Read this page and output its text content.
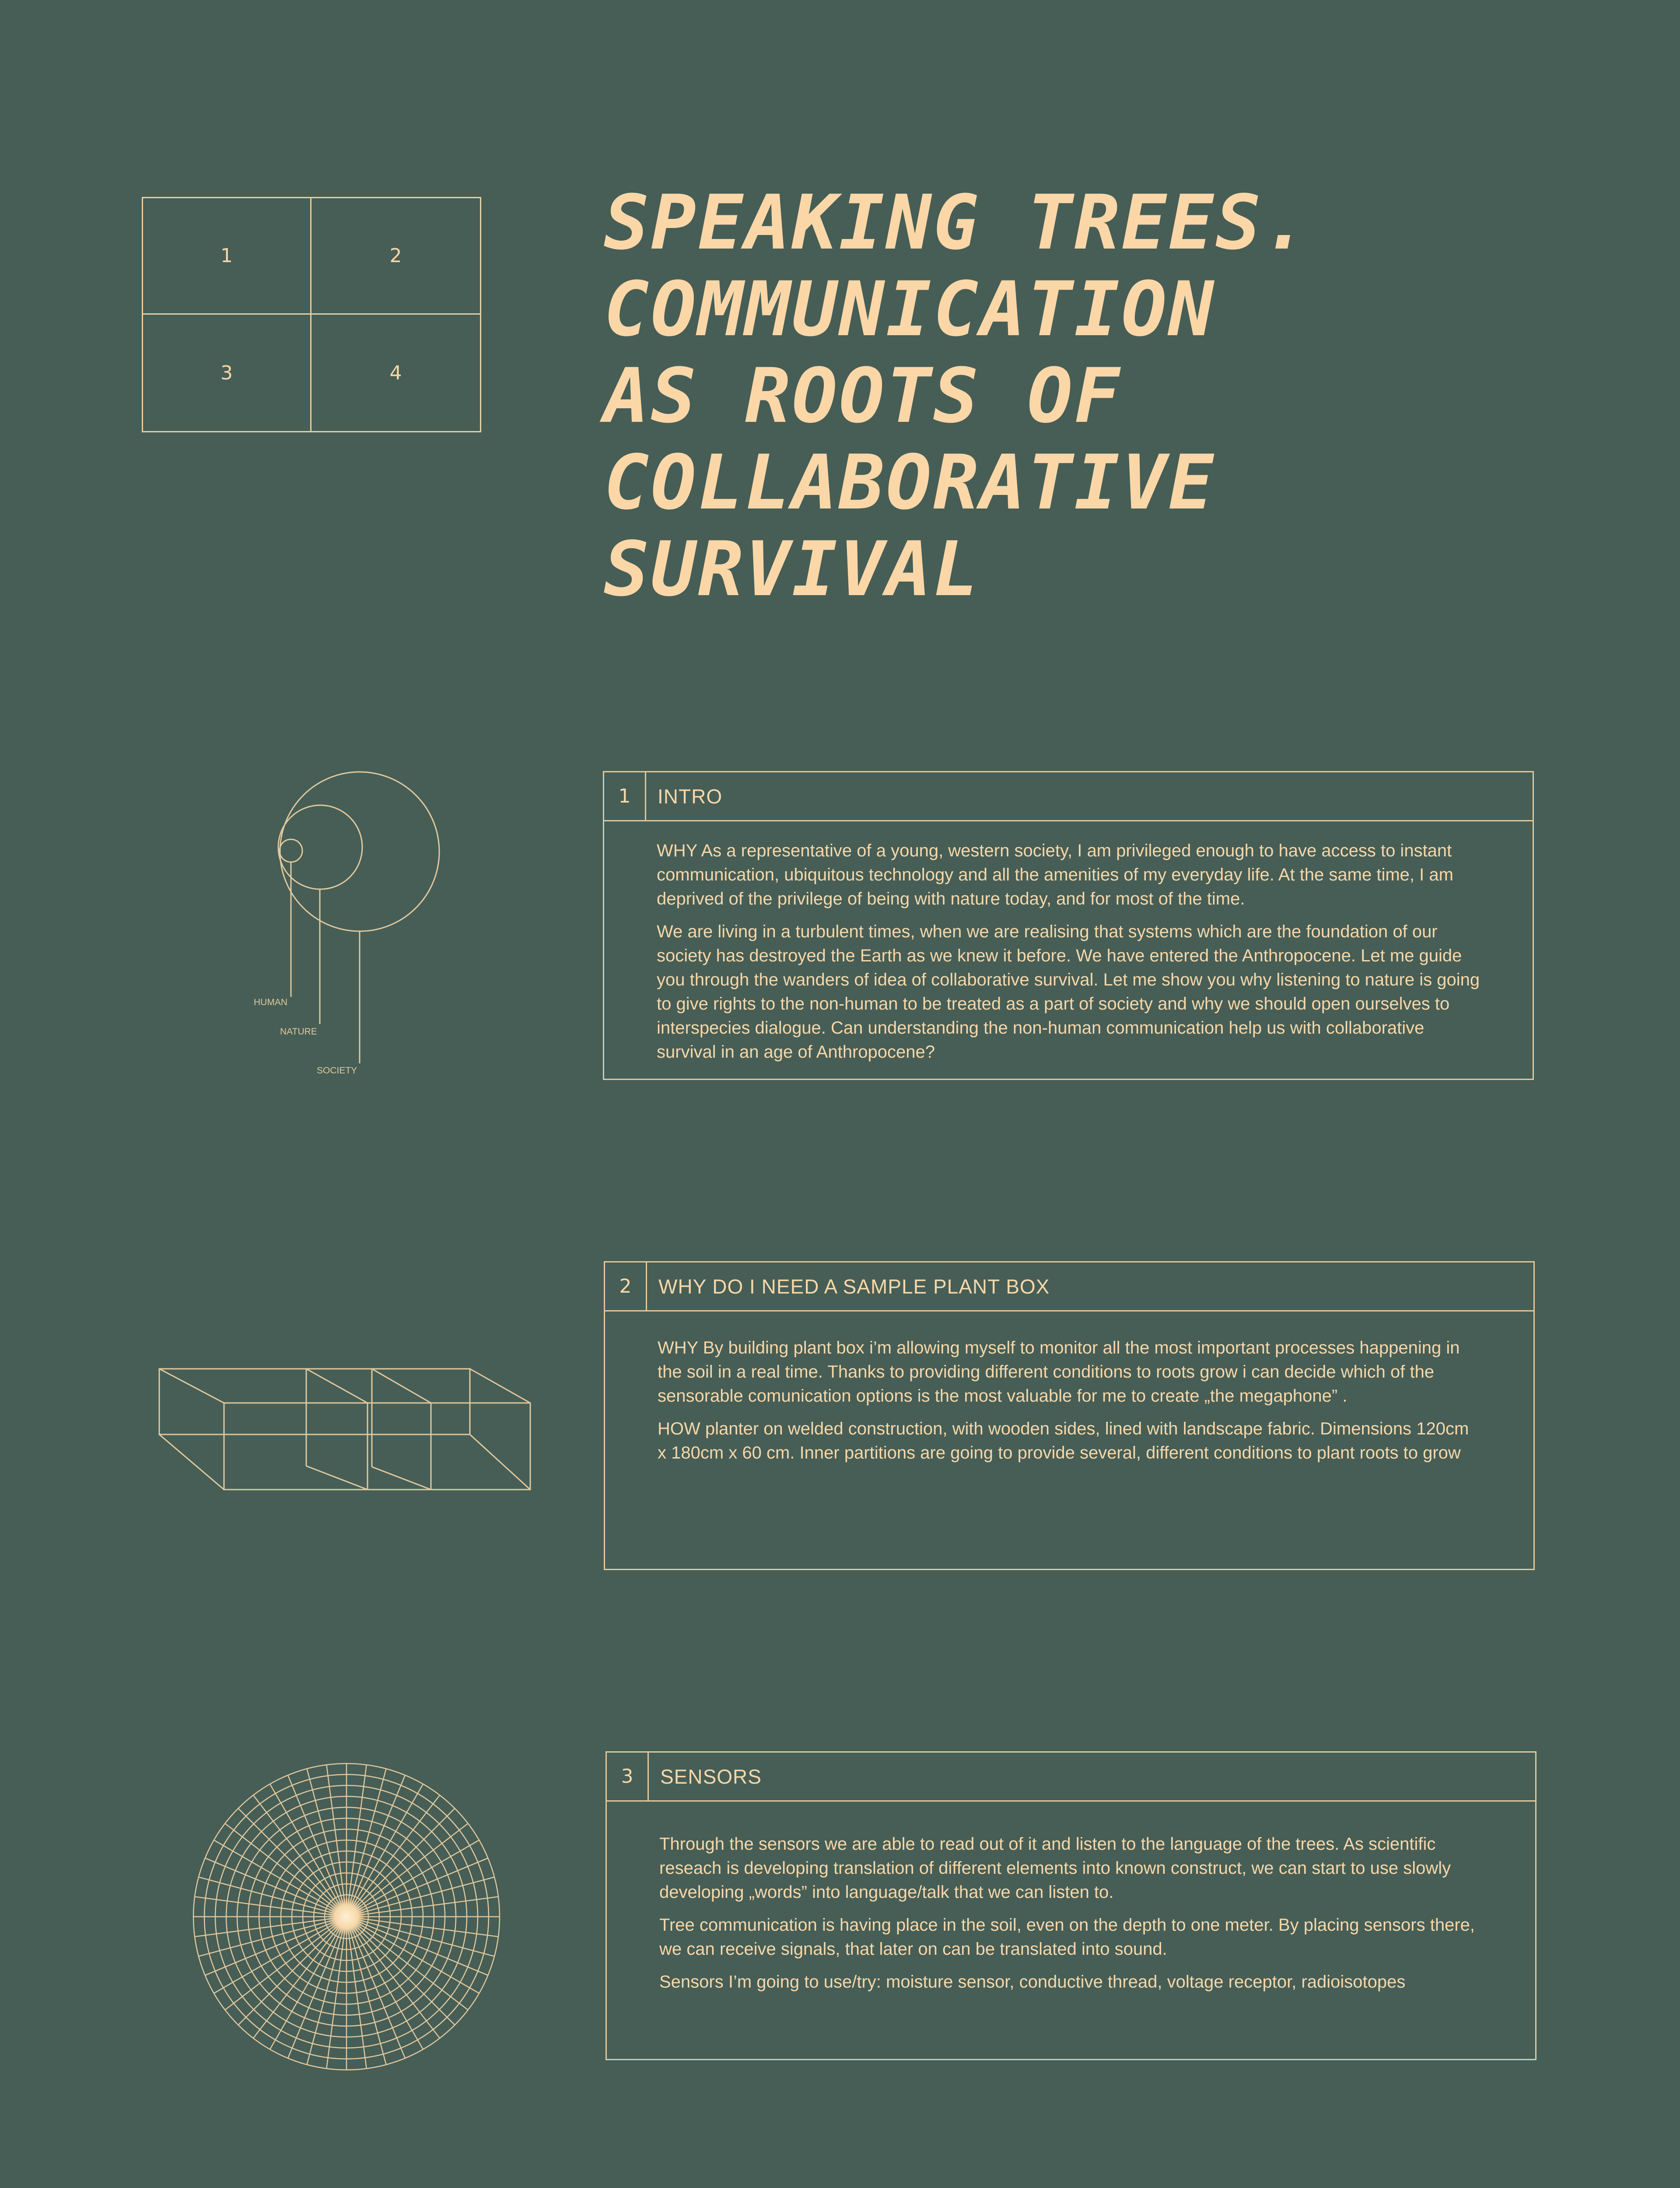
1	2
3	4
SPEAKING TREES.
COMMUNICATION
AS ROOTS OF
COLLABORATIVE
SURVIVAL
HUMAN
NATURE
SOCIETY
1	INTRO

WHY As a representative of a young, western society, I am privileged enough to have access to instant communication, ubiquitous technology and all the amenities of my everyday life. At the same time, I am deprived of the privilege of being with nature today, and for most of the time.

We are living in a turbulent times, when we are realising that systems which are the foundation of our society has destroyed the Earth as we knew it before. We have entered the Anthropocene. Let me guide you through the wanders of idea of collaborative survival. Let me show you why listening to nature is going to give rights to the non-human to be treated as a part of society and why we should open ourselves to interspecies dialogue. Can understanding the non-human communication help us with collaborative survival in an age of Anthropocene?

2	WHY DO I NEED A SAMPLE PLANT BOX

WHY By building plant box i’m allowing myself to monitor all the most important processes happening in the soil in a real time. Thanks to providing different conditions to roots grow i can decide which of the sensorable comunication options is the most valuable for me to create „the megaphone” .

HOW planter on welded construction, with wooden sides, lined with landscape fabric. Dimensions 120cm x 180cm x 60 cm. Inner partitions are going to provide several, different conditions to plant roots to grow

3	SENSORS

Through the sensors we are able to read out of it and listen to the language of the trees. As scientific reseach is developing translation of different elements into known construct, we can start to use slowly developing „words” into language/talk that we can listen to.

Tree communication is having place in the soil, even on the depth to one meter. By placing sensors there, we can receive signals, that later on can be translated into sound.

Sensors I’m going to use/try: moisture sensor, conductive thread, voltage receptor, radioisotopes
